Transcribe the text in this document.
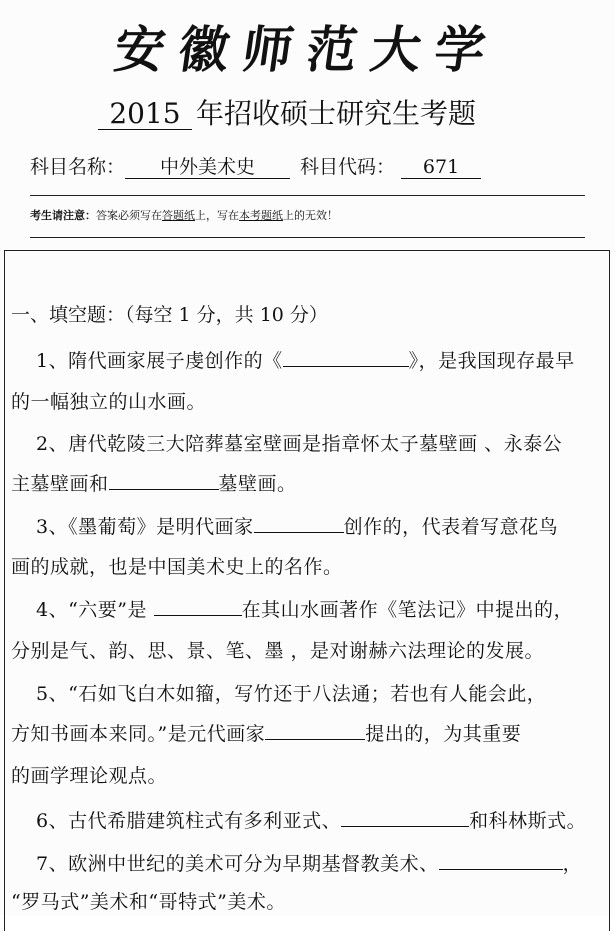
安徽师范大学
2015 年招收硕士研究生考题
科目名称： 中外美术史 科目代码： 671
考生请注意：答案必须写在答题纸上，写在本考题纸上的无效！
一、填空题：（每空 1 分，共 10 分）
1、隋代画家展子虔创作的《	》，是我国现存最早
的一幅独立的山水画。
2、唐代乾陵三大陪葬墓室壁画是指章怀太子墓壁画 、永泰公
主墓壁画和	墓壁画。
3、《墨葡萄》是明代画家	创作的，代表着写意花鸟
画的成就，也是中国美术史上的名作。
4、“六要”是	在其山水画著作《笔法记》中提出的，
分别是气、韵、思、景、笔、墨 ，是对谢赫六法理论的发展。
5、“石如飞白木如籀，写竹还于八法通；若也有人能会此，
方知书画本来同。”是元代画家	提出的，为其重要
的画学理论观点。
6、古代希腊建筑柱式有多利亚式、	和科林斯式。
7、欧洲中世纪的美术可分为早期基督教美术、	，
“罗马式”美术和“哥特式”美术。
